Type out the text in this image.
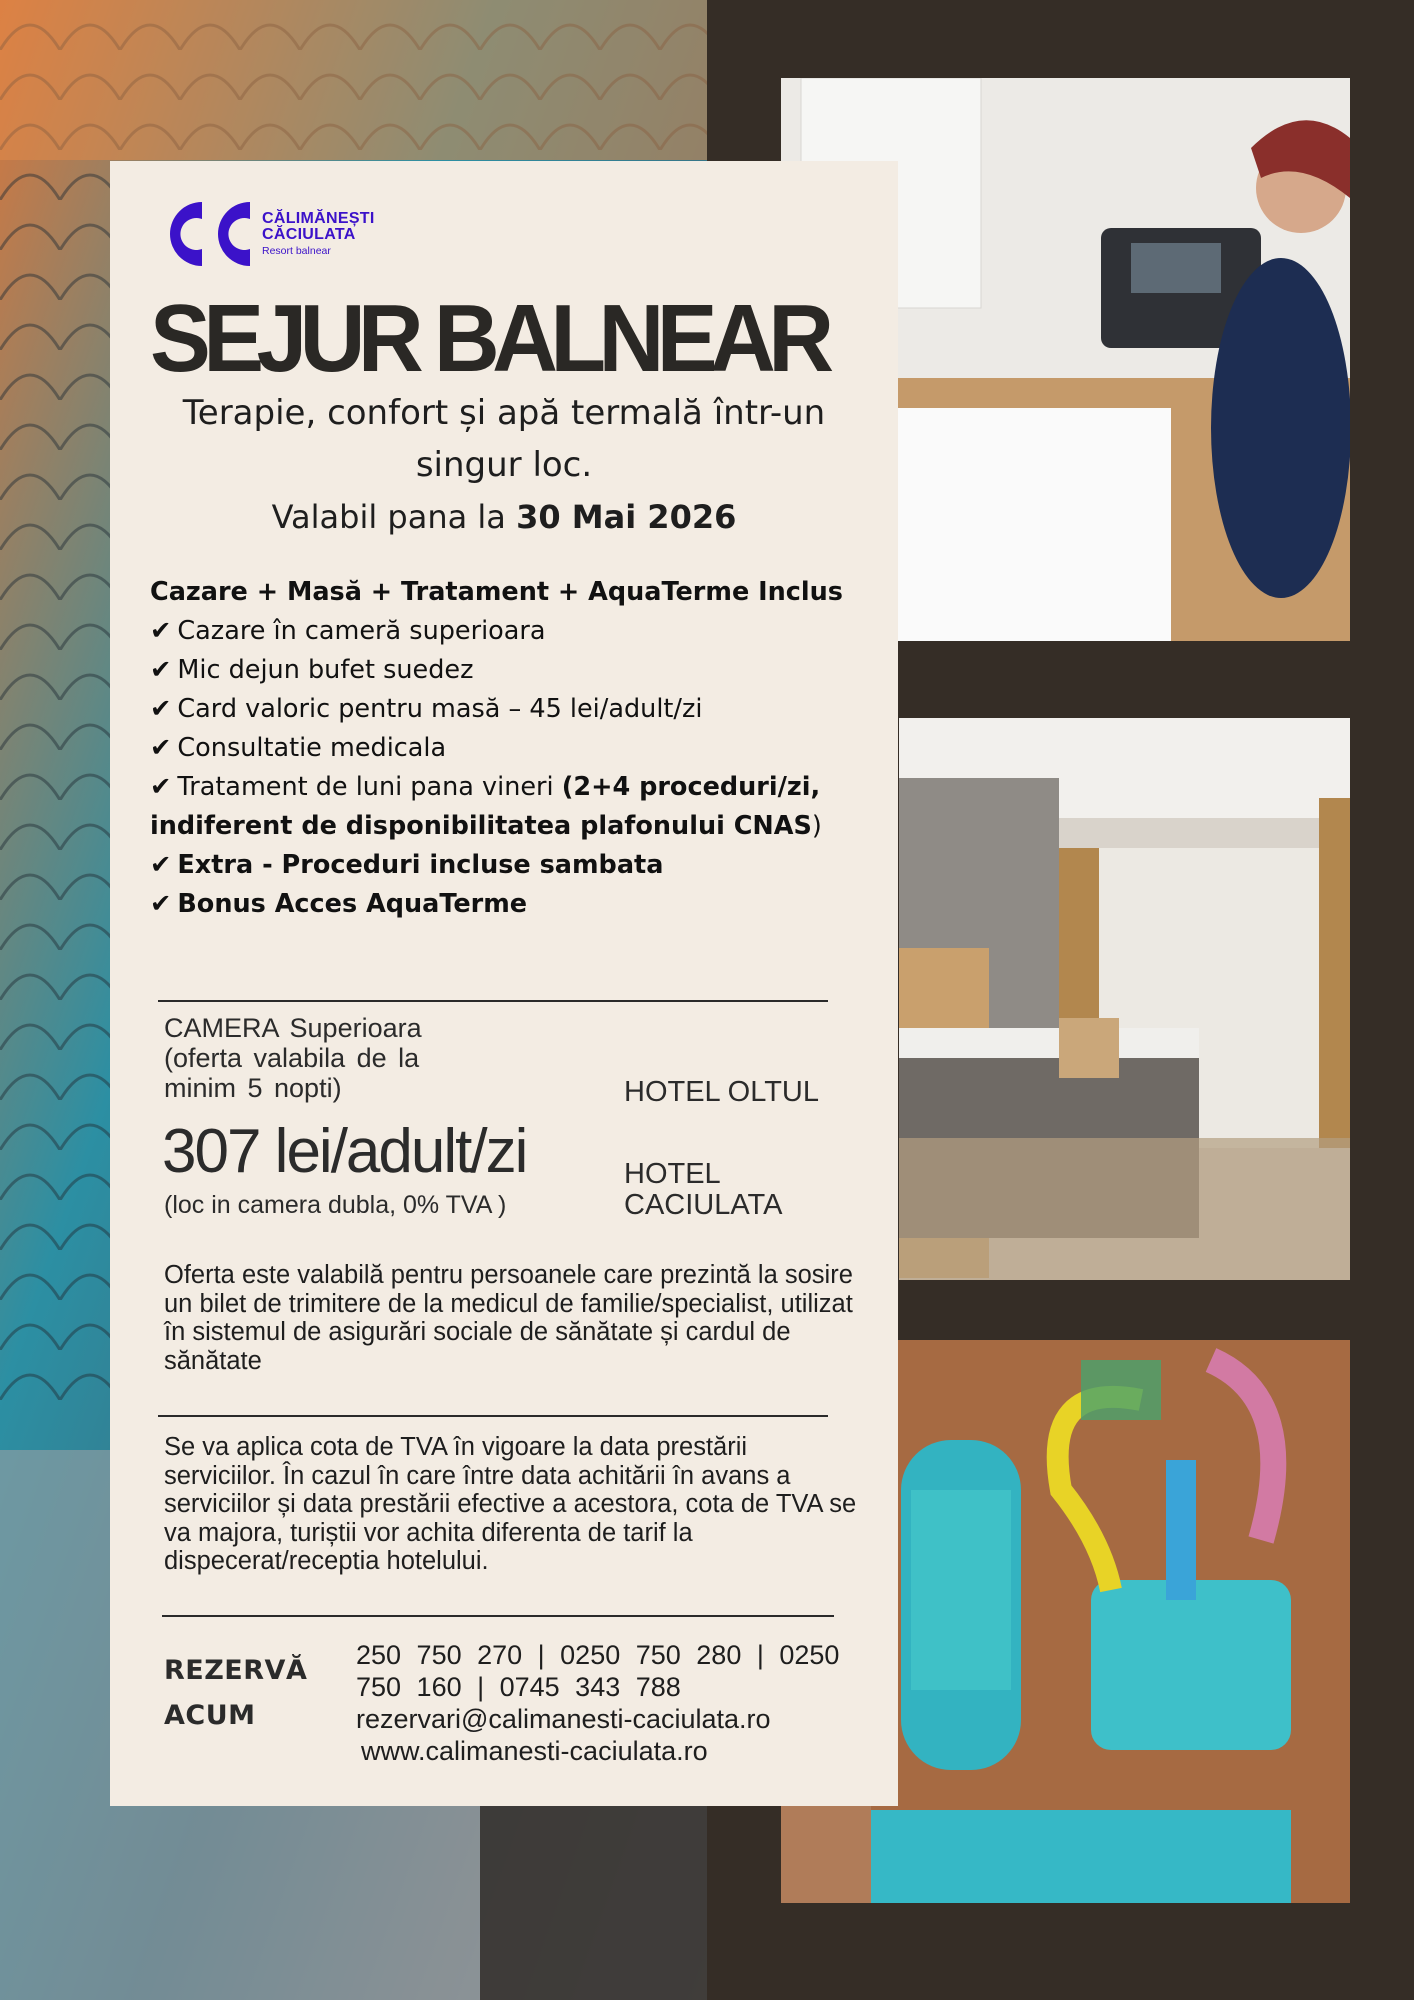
CĂLIMĂNEȘTI
CĂCIULATA
Resort balnear
SEJUR BALNEAR
Terapie, confort și apă termală într-un singur loc.
Valabil pana la 30 Mai 2026
Cazare + Masă + Tratament + AquaTerme Inclus
✔ Cazare în cameră superioara
✔ Mic dejun bufet suedez
✔ Card valoric pentru masă – 45 lei/adult/zi
✔ Consultatie medicala
✔ Tratament de luni pana vineri (2+4 proceduri/zi, indiferent de disponibilitatea plafonului CNAS)
✔ Extra - Proceduri incluse sambata
✔ Bonus Acces AquaTerme
CAMERA Superioara (oferta valabila de la minim 5 nopti)
307 lei/adult/zi
(loc in camera dubla, 0% TVA )
HOTEL OLTUL
HOTEL CACIULATA
Oferta este valabilă pentru persoanele care prezintă la sosire un bilet de trimitere de la medicul de familie/specialist, utilizat în sistemul de asigurări sociale de sănătate și cardul de sănătate
Se va aplica cota de TVA în vigoare la data prestării serviciilor. În cazul în care între data achitării în avans a serviciilor și data prestării efective a acestora, cota de TVA se va majora, turiștii vor achita diferenta de tarif la dispecerat/receptia hotelului.
REZERVĂ
ACUM
250 750 270 | 0250 750 280 | 0250 750 160 | 0745 343 788
rezervari@calimanesti-caciulata.ro
www.calimanesti-caciulata.ro
